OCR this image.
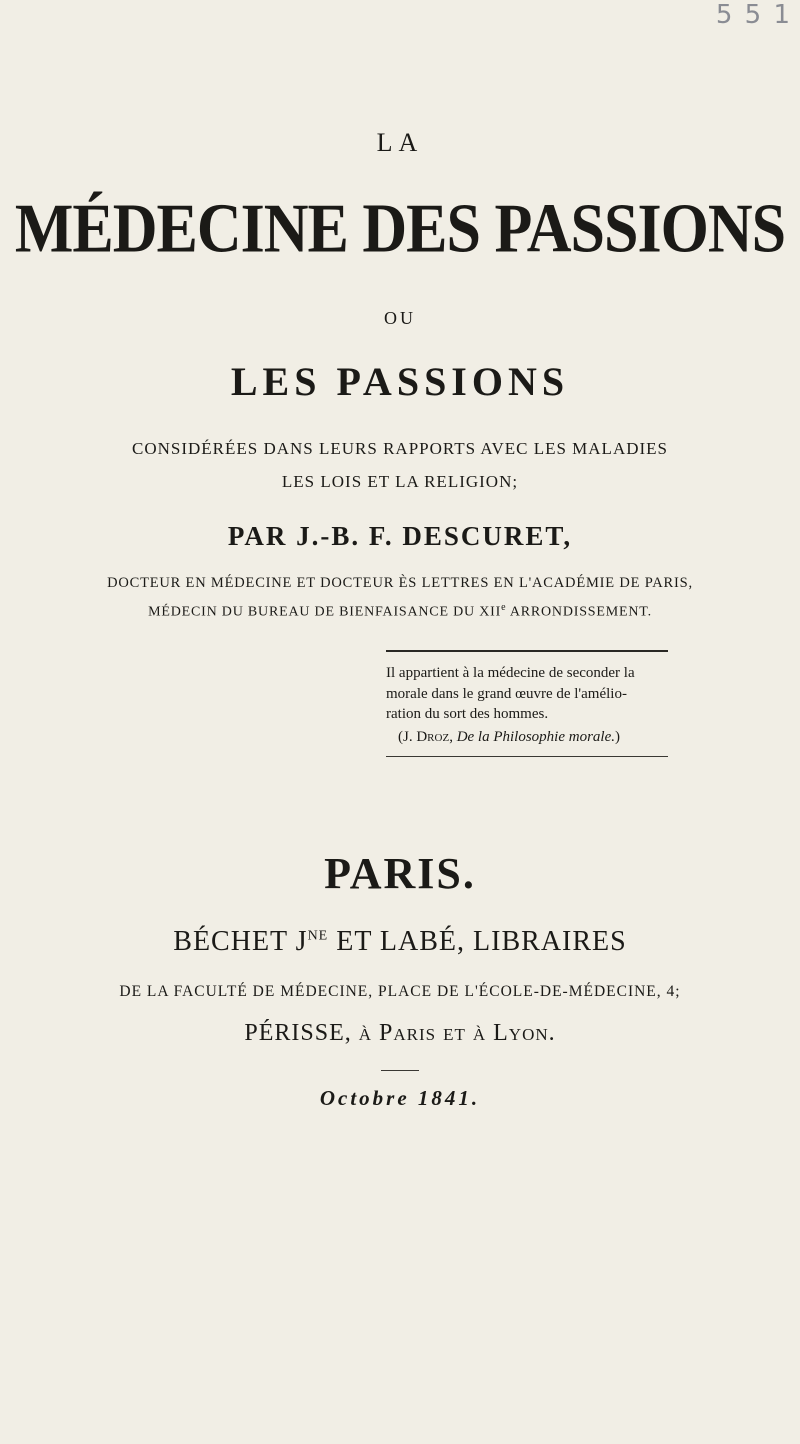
5 5 1
LA
MÉDECINE DES PASSIONS
OU
LES PASSIONS
CONSIDÉRÉES DANS LEURS RAPPORTS AVEC LES MALADIES
LES LOIS ET LA RELIGION;
PAR J.-B. F. DESCURET,
DOCTEUR EN MÉDECINE ET DOCTEUR ÈS LETTRES EN L'ACADÉMIE DE PARIS,
MÉDECIN DU BUREAU DE BIENFAISANCE DU XIIe ARRONDISSEMENT.
Il appartient à la médecine de seconder la
morale dans le grand œuvre de l'amélio-
ration du sort des hommes.
(J. Droz, De la Philosophie morale.)
PARIS.
BÉCHET $J^{NE}$ ET LABÉ, LIBRAIRES
DE LA FACULTÉ DE MÉDECINE, PLACE DE L'ÉCOLE-DE-MÉDECINE, 4;
PÉRISSE, à Paris et à Lyon.
Octobre 1841.
